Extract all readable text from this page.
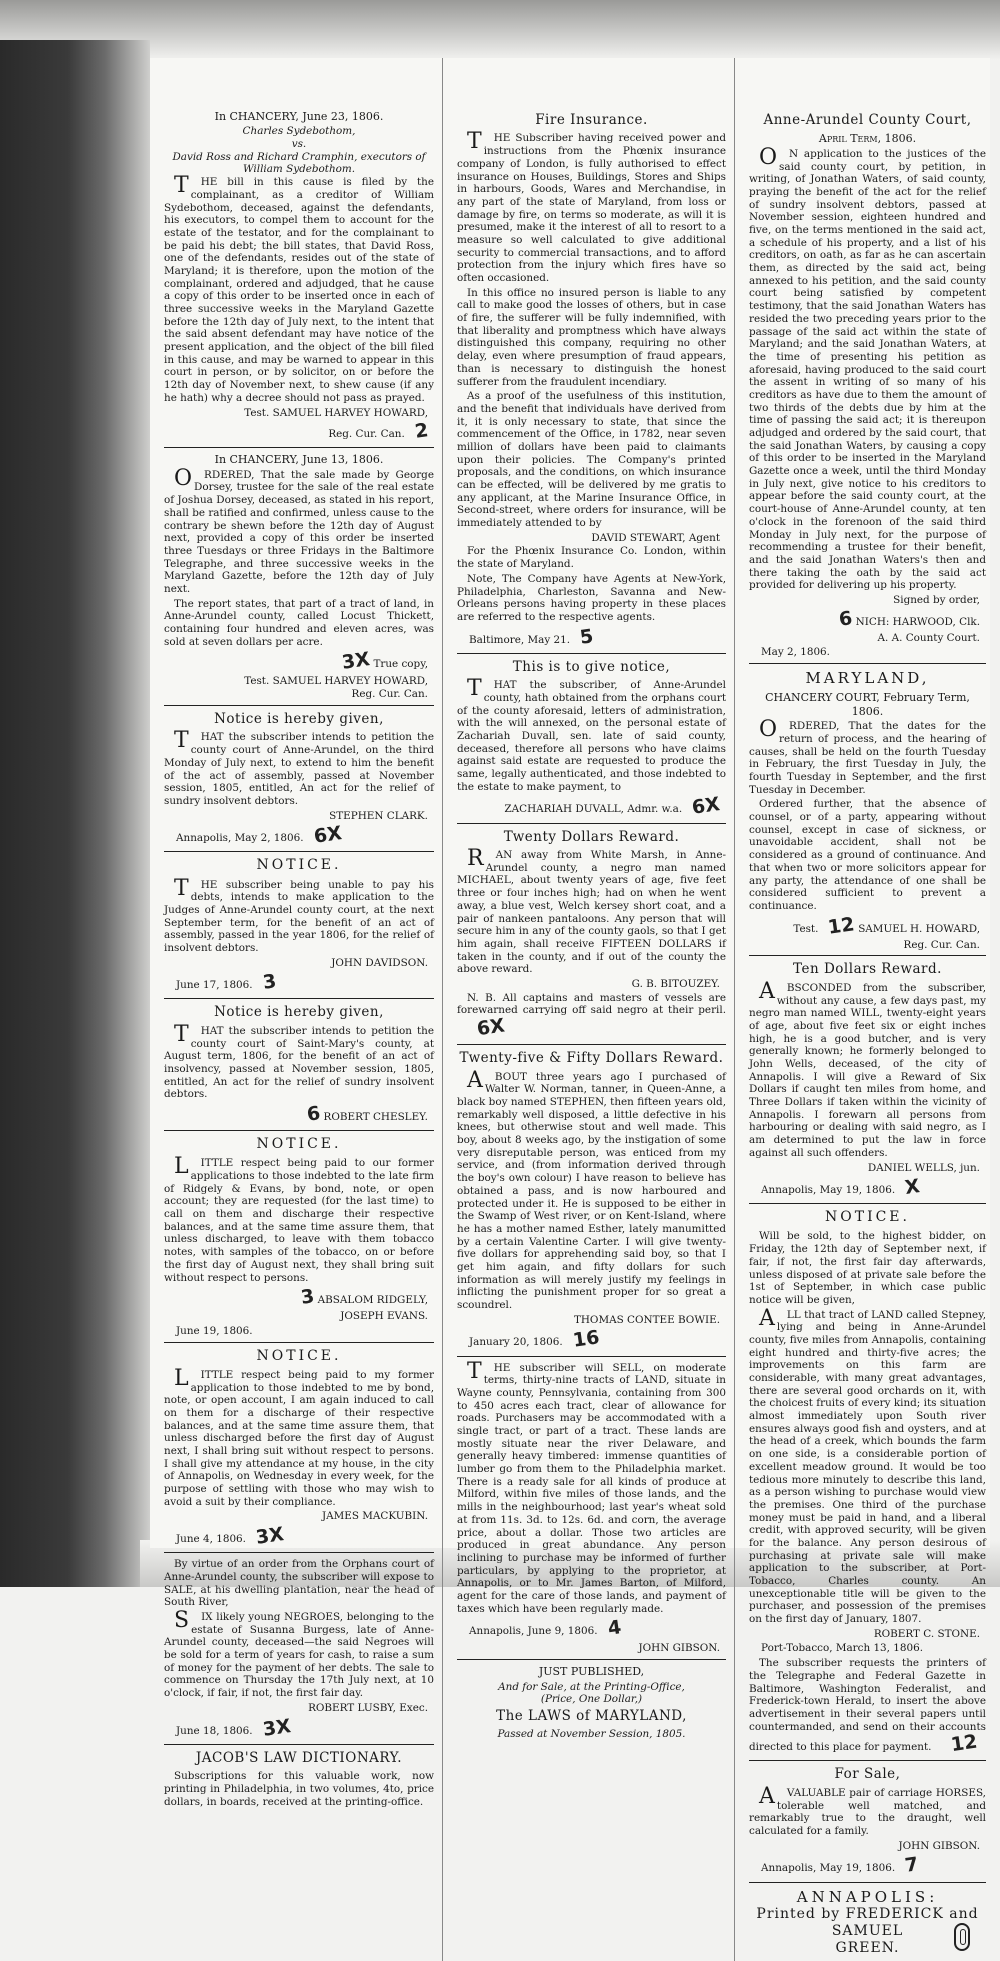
In CHANCERY, June 23, 1806.
Charles Sydebothom,
vs.
David Ross and Richard Cramphin, executors of
William Sydebothom.

THE bill in this cause is filed by the complainant, as a creditor of William Sydebothom, deceased, against the defendants, his executors, to compel them to account for the estate of the testator, and for the complainant to be paid his debt; the bill states, that David Ross, one of the defendants, resides out of the state of Maryland; it is therefore, upon the motion of the complainant, ordered and adjudged, that he cause a copy of this order to be inserted once in each of three successive weeks in the Maryland Gazette before the 12th day of July next, to the intent that the said absent defendant may have notice of the present application, and the object of the bill filed in this cause, and may be warned to appear in this court in person, or by solicitor, on or before the 12th day of November next, to shew cause (if any he hath) why a decree should not pass as prayed.

Test. SAMUEL HARVEY HOWARD,
Reg. Cur. Can. 2
In CHANCERY, June 13, 1806.

ORDERED, That the sale made by George Dorsey, trustee for the sale of the real estate of Joshua Dorsey, deceased, as stated in his report, shall be ratified and confirmed, unless cause to the contrary be shewn before the 12th day of August next, provided a copy of this order be inserted three Tuesdays or three Fridays in the Baltimore Telegraphe, and three successive weeks in the Maryland Gazette, before the 12th day of July next.

The report states, that part of a tract of land, in Anne-Arundel county, called Locust Thickett, containing four hundred and eleven acres, was sold at seven dollars per acre.

3X True copy,
Test. SAMUEL HARVEY HOWARD,
Reg. Cur. Can.
Notice is hereby given,

THAT the subscriber intends to petition the county court of Anne-Arundel, on the third Monday of July next, to extend to him the benefit of the act of assembly, passed at November session, 1805, entitled, An act for the relief of sundry insolvent debtors.

STEPHEN CLARK.
Annapolis, May 2, 1806. 6X
NOTICE.

THE subscriber being unable to pay his debts, intends to make application to the Judges of Anne-Arundel county court, at the next September term, for the benefit of an act of assembly, passed in the year 1806, for the relief of insolvent debtors.

JOHN DAVIDSON.
June 17, 1806. 3
Notice is hereby given,

THAT the subscriber intends to petition the county court of Saint-Mary's county, at August term, 1806, for the benefit of an act of insolvency, passed at November session, 1805, entitled, An act for the relief of sundry insolvent debtors.

6 ROBERT CHESLEY.
NOTICE.

LITTLE respect being paid to our former applications to those indebted to the late firm of Ridgely & Evans, by bond, note, or open account; they are requested (for the last time) to call on them and discharge their respective balances, and at the same time assure them, that unless discharged, to leave with them tobacco notes, with samples of the tobacco, on or before the first day of August next, they shall bring suit without respect to persons.

3 ABSALOM RIDGELY,
JOSEPH EVANS.
June 19, 1806.
NOTICE.

LITTLE respect being paid to my former application to those indebted to me by bond, note, or open account, I am again induced to call on them for a discharge of their respective balances, and at the same time assure them, that unless discharged before the first day of August next, I shall bring suit without respect to persons. I shall give my attendance at my house, in the city of Annapolis, on Wednesday in every week, for the purpose of settling with those who may wish to avoid a suit by their compliance.

JAMES MACKUBIN.
June 4, 1806. 3X

By virtue of an order from the Orphans court of Anne-Arundel county, the subscriber will expose to SALE, at his dwelling plantation, near the head of South River,

SIX likely young NEGROES, belonging to the estate of Susanna Burgess, late of Anne-Arundel county, deceased—the said Negroes will be sold for a term of years for cash, to raise a sum of money for the payment of her debts. The sale to commence on Thursday the 17th July next, at 10 o'clock, if fair, if not, the first fair day.

ROBERT LUSBY, Exec.
June 18, 1806. 3X
JACOB'S LAW DICTIONARY.

Subscriptions for this valuable work, now printing in Philadelphia, in two volumes, 4to, price dollars, in boards, received at the printing-office.

Fire Insurance.

THE Subscriber having received power and instructions from the Phœnix insurance company of London, is fully authorised to effect insurance on Houses, Buildings, Stores and Ships in harbours, Goods, Wares and Merchandise, in any part of the state of Maryland, from loss or damage by fire, on terms so moderate, as will it is presumed, make it the interest of all to resort to a measure so well calculated to give additional security to commercial transactions, and to afford protection from the injury which fires have so often occasioned.

In this office no insured person is liable to any call to make good the losses of others, but in case of fire, the sufferer will be fully indemnified, with that liberality and promptness which have always distinguished this company, requiring no other delay, even where presumption of fraud appears, than is necessary to distinguish the honest sufferer from the fraudulent incendiary.

As a proof of the usefulness of this institution, and the benefit that individuals have derived from it, it is only necessary to state, that since the commencement of the Office, in 1782, near seven million of dollars have been paid to claimants upon their policies. The Company's printed proposals, and the conditions, on which insurance can be effected, will be delivered by me gratis to any applicant, at the Marine Insurance Office, in Second-street, where orders for insurance, will be immediately attended to by

DAVID STEWART, Agent

For the Phœnix Insurance Co. London, within the state of Maryland.

Note, The Company have Agents at New-York, Philadelphia, Charleston, Savanna and New-Orleans persons having property in these places are referred to the respective agents.

Baltimore, May 21. 5
This is to give notice,

THAT the subscriber, of Anne-Arundel county, hath obtained from the orphans court of the county aforesaid, letters of administration, with the will annexed, on the personal estate of Zachariah Duvall, sen. late of said county, deceased, therefore all persons who have claims against said estate are requested to produce the same, legally authenticated, and those indebted to the estate to make payment, to

ZACHARIAH DUVALL, Admr. w.a. 6X
Twenty Dollars Reward.

RAN away from White Marsh, in Anne-Arundel county, a negro man named MICHAEL, about twenty years of age, five feet three or four inches high; had on when he went away, a blue vest, Welch kersey short coat, and a pair of nankeen pantaloons. Any person that will secure him in any of the county gaols, so that I get him again, shall receive FIFTEEN DOLLARS if taken in the county, and if out of the county the above reward.

G. B. BITOUZEY.

N. B. All captains and masters of vessels are forewarned carrying off said negro at their peril.6X

Twenty-five & Fifty Dollars Reward.

ABOUT three years ago I purchased of Walter W. Norman, tanner, in Queen-Anne, a black boy named STEPHEN, then fifteen years old, remarkably well disposed, a little defective in his knees, but otherwise stout and well made. This boy, about 8 weeks ago, by the instigation of some very disreputable person, was enticed from my service, and (from information derived through the boy's own colour) I have reason to believe has obtained a pass, and is now harboured and protected under it. He is supposed to be either in the Swamp of West river, or on Kent-Island, where he has a mother named Esther, lately manumitted by a certain Valentine Carter. I will give twenty-five dollars for apprehending said boy, so that I get him again, and fifty dollars for such information as will merely justify my feelings in inflicting the punishment proper for so great a scoundrel.

THOMAS CONTEE BOWIE.
January 20, 1806. 16

THE subscriber will SELL, on moderate terms, thirty-nine tracts of LAND, situate in Wayne county, Pennsylvania, containing from 300 to 450 acres each tract, clear of allowance for roads. Purchasers may be accommodated with a single tract, or part of a tract. These lands are mostly situate near the river Delaware, and generally heavy timbered: immense quantities of lumber go from them to the Philadelphia market. There is a ready sale for all kinds of produce at Milford, within five miles of those lands, and the mills in the neighbourhood; last year's wheat sold at from 11s. 3d. to 12s. 6d. and corn, the average price, about a dollar. Those two articles are produced in great abundance. Any person inclining to purchase may be informed of further particulars, by applying to the proprietor, at Annapolis, or to Mr. James Barton, of Milford, agent for the care of those lands, and payment of taxes which have been regularly made.

Annapolis, June 9, 1806. 4
JOHN GIBSON.
JUST PUBLISHED,
And for Sale, at the Printing-Office,
(Price, One Dollar,)
The LAWS of MARYLAND,
Passed at November Session, 1805.
Anne-Arundel County Court,
April Term, 1806.

ON application to the justices of the said county court, by petition, in writing, of Jonathan Waters, of said county, praying the benefit of the act for the relief of sundry insolvent debtors, passed at November session, eighteen hundred and five, on the terms mentioned in the said act, a schedule of his property, and a list of his creditors, on oath, as far as he can ascertain them, as directed by the said act, being annexed to his petition, and the said county court being satisfied by competent testimony, that the said Jonathan Waters has resided the two preceding years prior to the passage of the said act within the state of Maryland; and the said Jonathan Waters, at the time of presenting his petition as aforesaid, having produced to the said court the assent in writing of so many of his creditors as have due to them the amount of two thirds of the debts due by him at the time of passing the said act; it is thereupon adjudged and ordered by the said court, that the said Jonathan Waters, by causing a copy of this order to be inserted in the Maryland Gazette once a week, until the third Monday in July next, give notice to his creditors to appear before the said county court, at the court-house of Anne-Arundel county, at ten o'clock in the forenoon of the said third Monday in July next, for the purpose of recommending a trustee for their benefit, and the said Jonathan Waters's then and there taking the oath by the said act provided for delivering up his property.

Signed by order,
6 NICH: HARWOOD, Clk.
A. A. County Court.
May 2, 1806.
MARYLAND,
CHANCERY COURT, February Term, 1806.

ORDERED, That the dates for the return of process, and the hearing of causes, shall be held on the fourth Tuesday in February, the first Tuesday in July, the fourth Tuesday in September, and the first Tuesday in December.

Ordered further, that the absence of counsel, or of a party, appearing without counsel, except in case of sickness, or unavoidable accident, shall not be considered as a ground of continuance. And that when two or more solicitors appear for any party, the attendance of one shall be considered sufficient to prevent a continuance.

Test. 12 SAMUEL H. HOWARD,
Reg. Cur. Can.
Ten Dollars Reward.

ABSCONDED from the subscriber, without any cause, a few days past, my negro man named WILL, twenty-eight years of age, about five feet six or eight inches high, he is a good butcher, and is very generally known; he formerly belonged to John Wells, deceased, of the city of Annapolis. I will give a Reward of Six Dollars if caught ten miles from home, and Three Dollars if taken within the vicinity of Annapolis. I forewarn all persons from harbouring or dealing with said negro, as I am determined to put the law in force against all such offenders.

DANIEL WELLS, jun.
Annapolis, May 19, 1806. X
NOTICE.

Will be sold, to the highest bidder, on Friday, the 12th day of September next, if fair, if not, the first fair day afterwards, unless disposed of at private sale before the 1st of September, in which case public notice will be given,

ALL that tract of LAND called Stepney, lying and being in Anne-Arundel county, five miles from Annapolis, containing eight hundred and thirty-five acres; the improvements on this farm are considerable, with many great advantages, there are several good orchards on it, with the choicest fruits of every kind; its situation almost immediately upon South river ensures always good fish and oysters, and at the head of a creek, which bounds the farm on one side, is a considerable portion of excellent meadow ground. It would be too tedious more minutely to describe this land, as a person wishing to purchase would view the premises. One third of the purchase money must be paid in hand, and a liberal credit, with approved security, will be given for the balance. Any person desirous of purchasing at private sale will make application to the subscriber, at Port-Tobacco, Charles county. An unexceptionable title will be given to the purchaser, and possession of the premises on the first day of January, 1807.

ROBERT C. STONE.
Port-Tobacco, March 13, 1806.

The subscriber requests the printers of the Telegraphe and Federal Gazette in Baltimore, Washington Federalist, and Frederick-town Herald, to insert the above advertisement in their several papers until countermanded, and send on their accounts directed to this place for payment. 12

For Sale,

AVALUABLE pair of carriage HORSES, tolerable well matched, and remarkably true to the draught, well calculated for a family.

JOHN GIBSON.
Annapolis, May 19, 1806. 7
ANNAPOLIS:
Printed by FREDERICK and SAMUEL
GREEN.
